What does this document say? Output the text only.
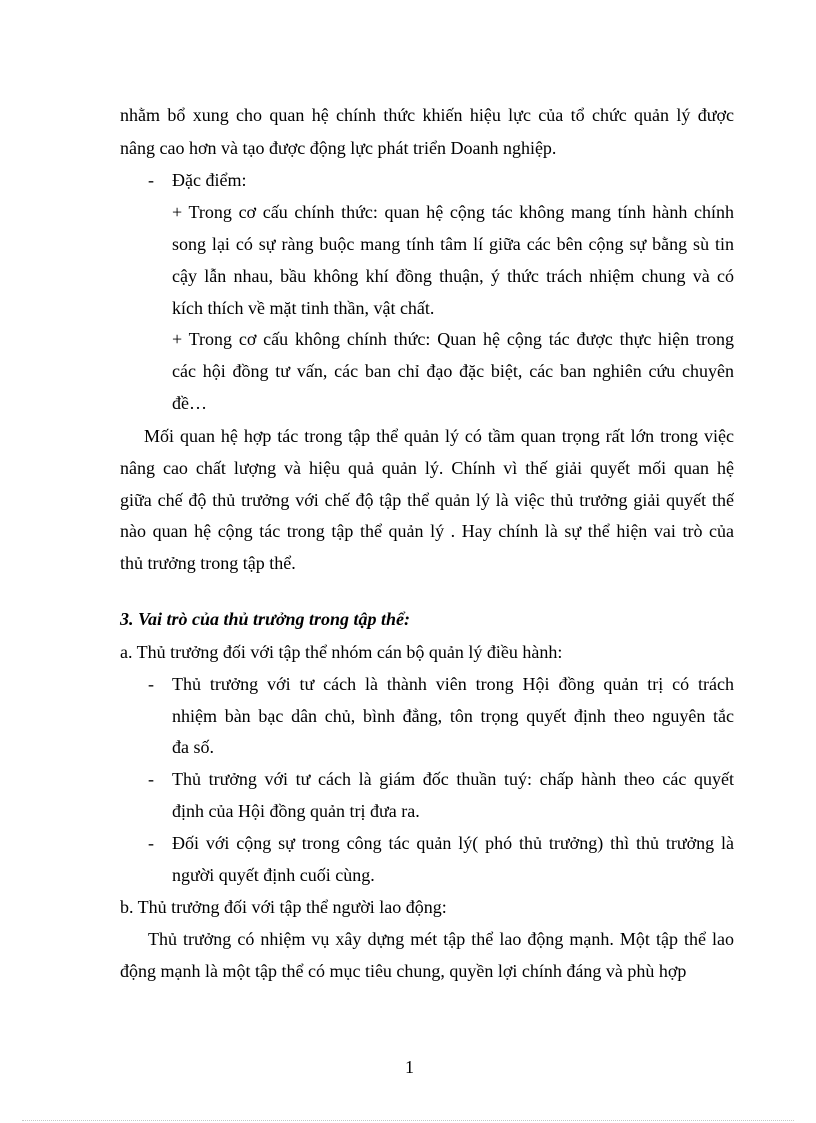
nhằm bổ xung cho quan hệ chính thức khiến hiệu lực của tổ chức quản lý được
nâng cao hơn và tạo được động lực phát triển Doanh nghiệp.
- Đặc điểm:
+ Trong cơ cấu chính thức: quan hệ cộng tác không mang tính hành chính
song lại có sự ràng buộc mang tính tâm lí giữa các bên cộng sự bằng sù tin
cậy lẫn nhau, bầu không khí đồng thuận, ý thức trách nhiệm chung và có
kích thích về mặt tinh thần, vật chất.
+ Trong cơ cấu không chính thức: Quan hệ cộng tác được thực hiện trong
các hội đồng tư vấn, các ban chỉ đạo đặc biệt, các ban nghiên cứu chuyên
đề…
Mối quan hệ hợp tác trong tập thể quản lý có tầm quan trọng rất lớn trong việc
nâng cao chất lượng và hiệu quả quản lý. Chính vì thế giải quyết mối quan hệ
giữa chế độ thủ trưởng với chế độ tập thể quản lý là việc thủ trưởng giải quyết thế
nào quan hệ cộng tác trong tập thể quản lý . Hay chính là sự thể hiện vai trò của
thủ trưởng trong tập thể.
3. Vai trò của thủ trưởng trong tập thể:
a. Thủ trưởng đối với tập thể nhóm cán bộ quản lý điều hành:
- Thủ trưởng với tư cách là thành viên trong Hội đồng quản trị có trách
nhiệm bàn bạc dân chủ, bình đẳng, tôn trọng quyết định theo nguyên tắc
đa số.
- Thủ trưởng với tư cách là giám đốc thuần tuý: chấp hành theo các quyết
định của Hội đồng quản trị đưa ra.
- Đối với cộng sự trong công tác quản lý( phó thủ trưởng) thì thủ trưởng là
người quyết định cuối cùng.
b. Thủ trưởng đối với tập thể người lao động:
Thủ trưởng có nhiệm vụ xây dựng mét tập thể lao động mạnh. Một tập thể lao
động mạnh là một tập thể có mục tiêu chung, quyền lợi chính đáng và phù hợp
1
